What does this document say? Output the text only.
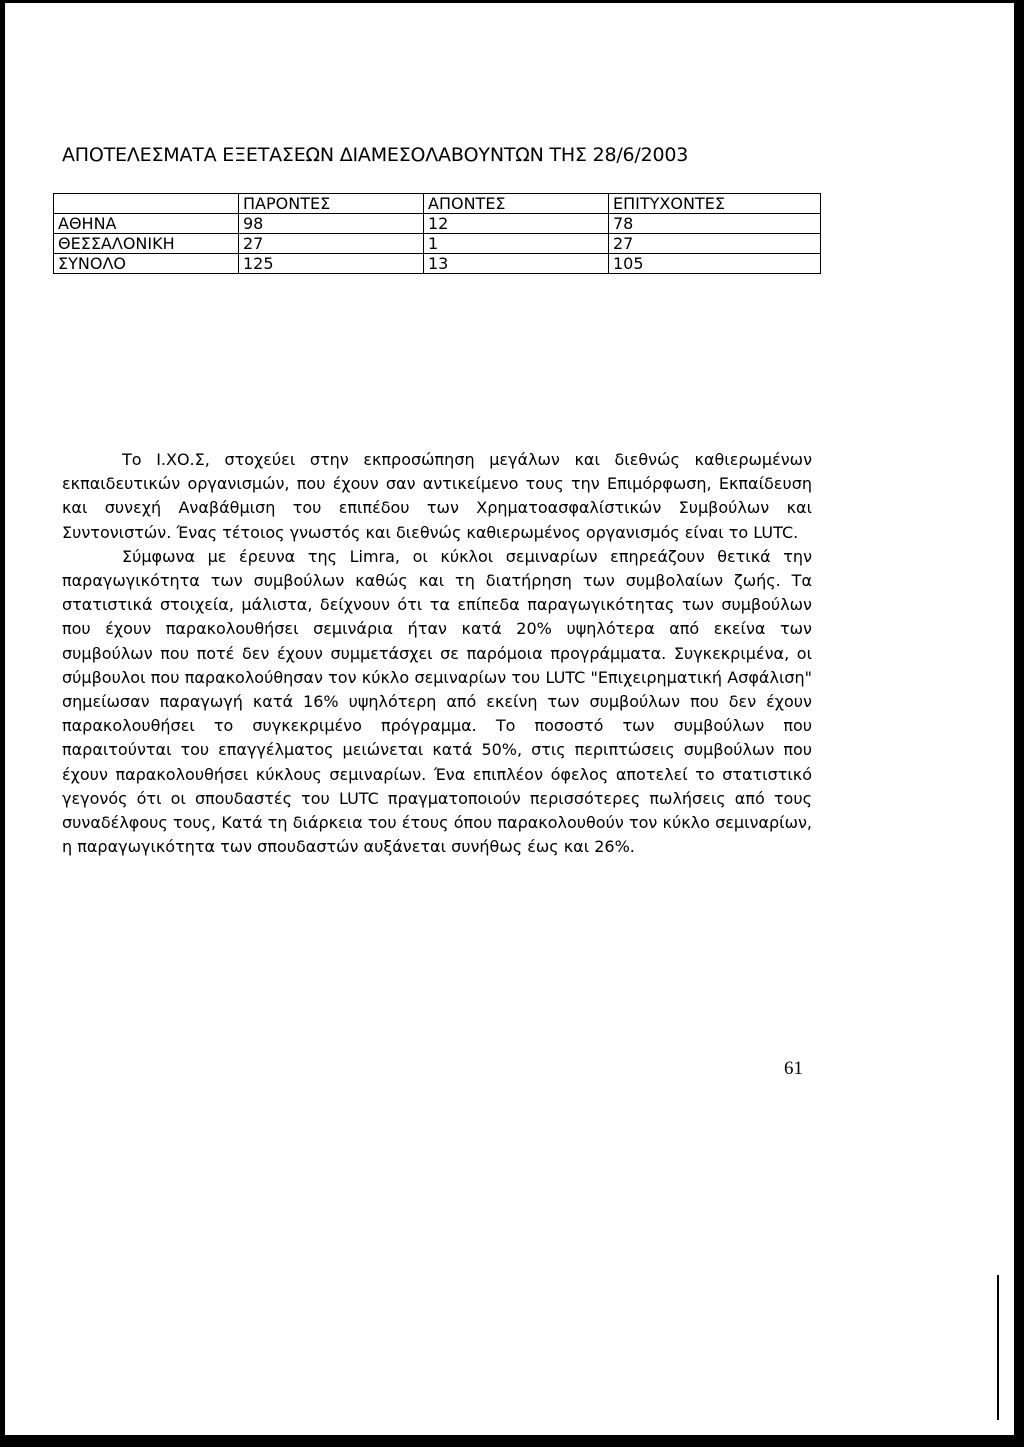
ΑΠΟΤΕΛΕΣΜΑΤΑ ΕΞΕΤΑΣΕΩΝ ΔΙΑΜΕΣΟΛΑΒΟΥΝΤΩΝ ΤΗΣ 28/6/2003
	ΠΑΡΟΝΤΕΣ	ΑΠΟΝΤΕΣ	ΕΠΙΤΥΧΟΝΤΕΣ
ΑΘΗΝΑ	98	12	78
ΘΕΣΣΑΛΟΝΙΚΗ	27	1	27
ΣΥΝΟΛΟ	125	13	105

Το Ι.ΧΟ.Σ, στοχεύει στην εκπροσώπηση μεγάλων και διεθνώς καθιερωμένων εκπαιδευτικών οργανισμών, που έχουν σαν αντικείμενο τους την Επιμόρφωση, Εκπαίδευση και συνεχή Αναβάθμιση του επιπέδου των Χρηματοασφαλίστικών Συμβούλων και Συντονιστών. Ένας τέτοιος γνωστός και διεθνώς καθιερωμένος οργανισμός είναι το LUTC.

Σύμφωνα με έρευνα της Limra, οι κύκλοι σεμιναρίων επηρεάζουν θετικά την παραγωγικότητα των συμβούλων καθώς και τη διατήρηση των συμβολαίων ζωής. Τα στατιστικά στοιχεία, μάλιστα, δείχνουν ότι τα επίπεδα παραγωγικότητας των συμβούλων που έχουν παρακολουθήσει σεμινάρια ήταν κατά 20% υψηλότερα από εκείνα των συμβούλων που ποτέ δεν έχουν συμμετάσχει σε παρόμοια προγράμματα. Συγκεκριμένα, οι σύμβουλοι που παρακολούθησαν τον κύκλο σεμιναρίων του LUTC "Επιχειρηματική Ασφάλιση" σημείωσαν παραγωγή κατά 16% υψηλότερη από εκείνη των συμβούλων που δεν έχουν παρακολουθήσει το συγκεκριμένο πρόγραμμα. Το ποσοστό των συμβούλων που παραιτούνται του επαγγέλματος μειώνεται κατά 50%, στις περιπτώσεις συμβούλων που έχουν παρακολουθήσει κύκλους σεμιναρίων. Ένα επιπλέον όφελος αποτελεί το στατιστικό γεγονός ότι οι σπουδαστές του LUTC πραγματοποιούν περισσότερες πωλήσεις από τους συναδέλφους τους, Κατά τη διάρκεια του έτους όπου παρακολουθούν τον κύκλο σεμιναρίων, η παραγωγικότητα των σπουδαστών αυξάνεται συνήθως έως και 26%.

61
